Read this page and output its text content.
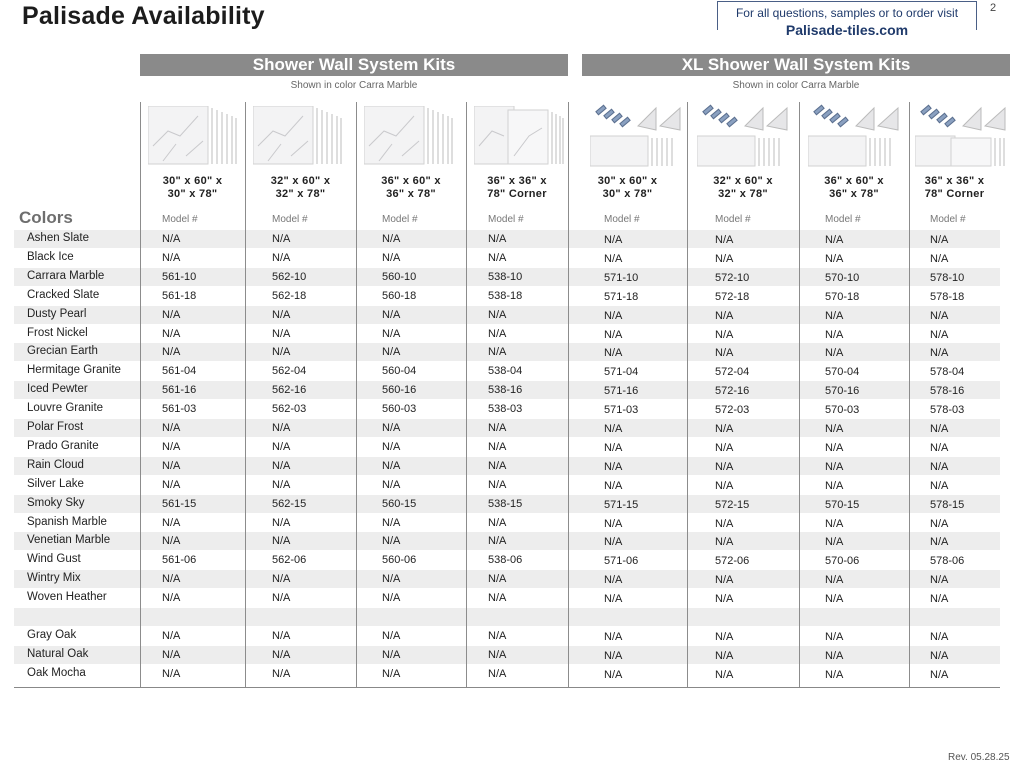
Palisade Availability	For all questions, samples or to order visit
Palisade-tiles.com
2
Shower Wall System Kits
Shown in color Carra Marble
XL Shower Wall System Kits
Shown in color Carra Marble
30" x 60" x
30" x 78"
32" x 60" x
32" x 78"
36" x 60" x
36" x 78"
36" x 36" x
78" Corner
30" x 60" x
30" x 78"
32" x 60" x
32" x 78"
36" x 60" x
36" x 78"
36" x 36" x
78" Corner
Colors	Model #	Model #	Model #	Model #	Model #	Model #	Model #	Model #
Ashen Slate	N/A	N/A	N/A	N/A	N/A	N/A	N/A	N/A
Black Ice	N/A	N/A	N/A	N/A	N/A	N/A	N/A	N/A
Carrara Marble	561-10	562-10	560-10	538-10	571-10	572-10	570-10	578-10
Cracked Slate	561-18	562-18	560-18	538-18	571-18	572-18	570-18	578-18
Dusty Pearl	N/A	N/A	N/A	N/A	N/A	N/A	N/A	N/A
Frost Nickel	N/A	N/A	N/A	N/A	N/A	N/A	N/A	N/A
Grecian Earth	N/A	N/A	N/A	N/A	N/A	N/A	N/A	N/A
Hermitage Granite	561-04	562-04	560-04	538-04	571-04	572-04	570-04	578-04
Iced Pewter	561-16	562-16	560-16	538-16	571-16	572-16	570-16	578-16
Louvre Granite	561-03	562-03	560-03	538-03	571-03	572-03	570-03	578-03
Polar Frost	N/A	N/A	N/A	N/A	N/A	N/A	N/A	N/A
Prado Granite	N/A	N/A	N/A	N/A	N/A	N/A	N/A	N/A
Rain Cloud	N/A	N/A	N/A	N/A	N/A	N/A	N/A	N/A
Silver Lake	N/A	N/A	N/A	N/A	N/A	N/A	N/A	N/A
Smoky Sky	561-15	562-15	560-15	538-15	571-15	572-15	570-15	578-15
Spanish Marble	N/A	N/A	N/A	N/A	N/A	N/A	N/A	N/A
Venetian Marble	N/A	N/A	N/A	N/A	N/A	N/A	N/A	N/A
Wind Gust	561-06	562-06	560-06	538-06	571-06	572-06	570-06	578-06
Wintry Mix	N/A	N/A	N/A	N/A	N/A	N/A	N/A	N/A
Woven Heather	N/A	N/A	N/A	N/A	N/A	N/A	N/A	N/A
Gray Oak	N/A	N/A	N/A	N/A	N/A	N/A	N/A	N/A
Natural Oak	N/A	N/A	N/A	N/A	N/A	N/A	N/A	N/A
Oak Mocha	N/A	N/A	N/A	N/A	N/A	N/A	N/A	N/A
Rev. 05.28.25
